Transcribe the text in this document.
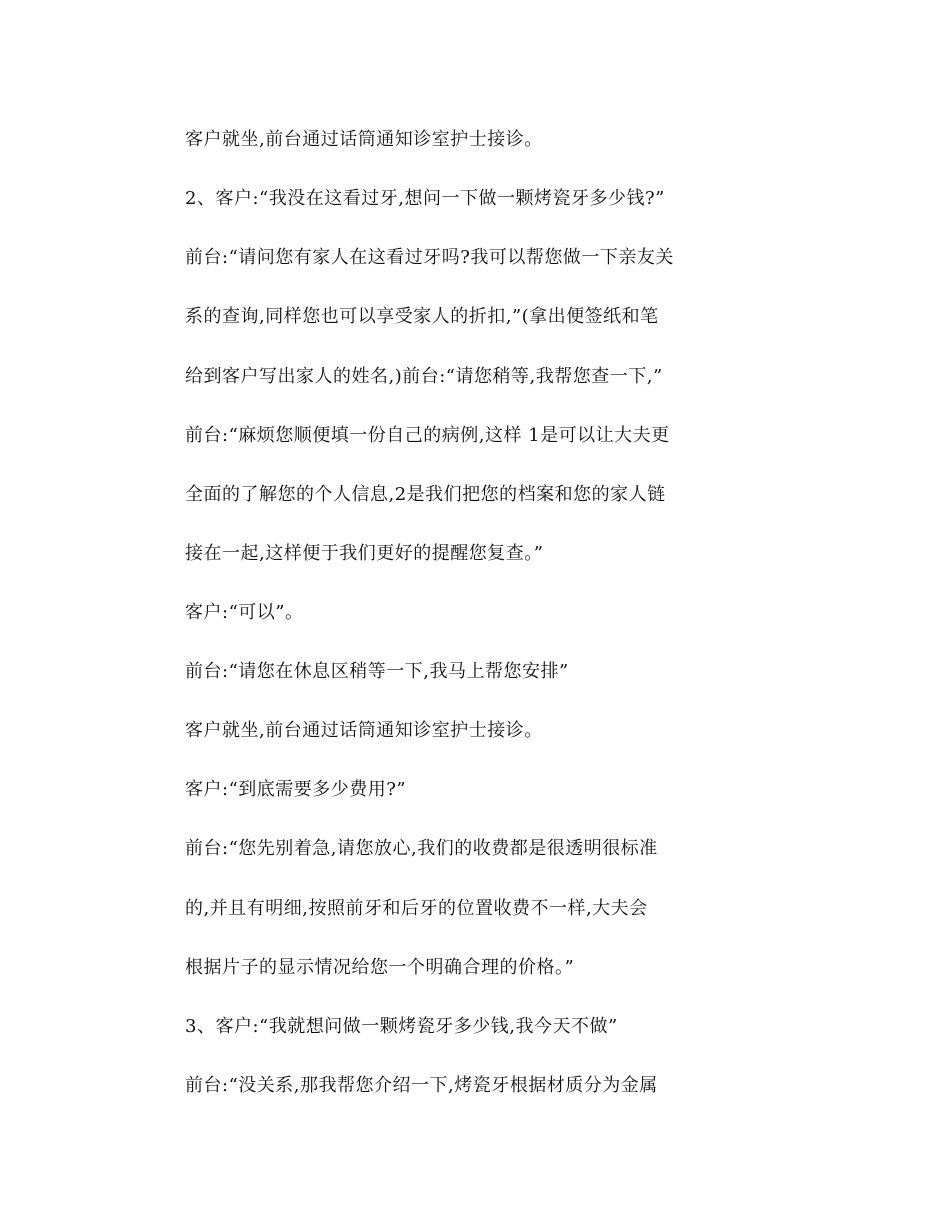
客户就坐,前台通过话筒通知诊室护士接诊。
2、客户:“我没在这看过牙,想问一下做一颗烤瓷牙多少钱?”
前台:“请问您有家人在这看过牙吗?我可以帮您做一下亲友关
系的查询,同样您也可以享受家人的折扣,”(拿出便签纸和笔
给到客户写出家人的姓名,)前台:“请您稍等,我帮您查一下,”
前台:“麻烦您顺便填一份自己的病例,这样 1是可以让大夫更
全面的了解您的个人信息,2是我们把您的档案和您的家人链
接在一起,这样便于我们更好的提醒您复查。”
客户:“可以”。
前台:“请您在休息区稍等一下,我马上帮您安排”
客户就坐,前台通过话筒通知诊室护士接诊。
客户:“到底需要多少费用?”
前台:“您先别着急,请您放心,我们的收费都是很透明很标准
的,并且有明细,按照前牙和后牙的位置收费不一样,大夫会
根据片子的显示情况给您一个明确合理的价格。”
3、客户:“我就想问做一颗烤瓷牙多少钱,我今天不做”
前台:“没关系,那我帮您介绍一下,烤瓷牙根据材质分为金属
